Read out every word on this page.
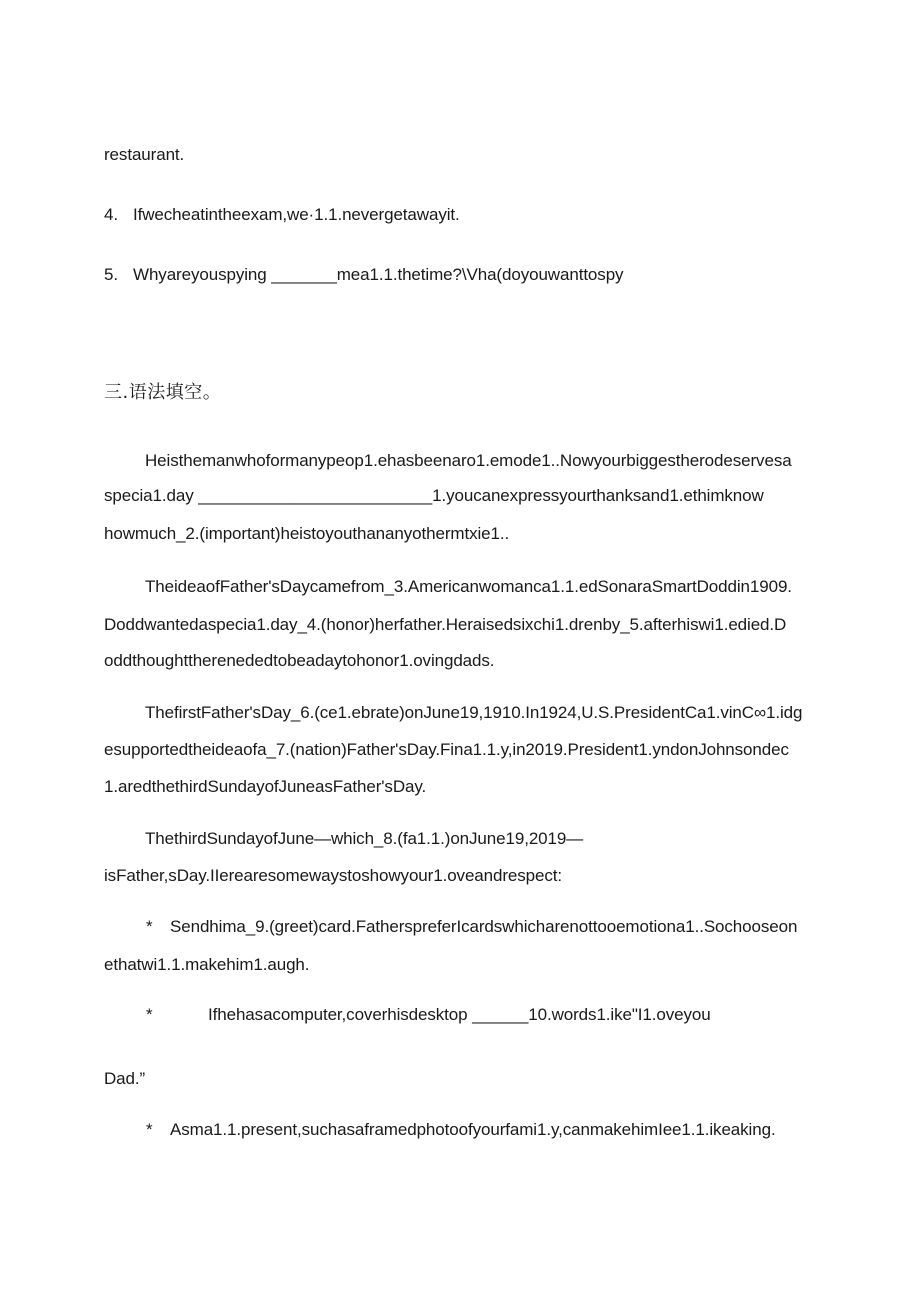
restaurant.
4. Ifwecheatintheexam,we·1.1.nevergetawayit.
5. Whyareyouspying _______mea1.1.thetime?\Vha(doyouwanttospy
三.语法填空。
Heisthemanwhoformanypeop1.ehasbeenaro1.emode1..Nowyourbiggestherodeservesa
specia1.day _________________________1.youcanexpressyourthanksand1.ethimknow
howmuch_2.(important)heistoyouthananyothermtxie1..
TheideaofFather'sDaycamefrom_3.Americanwomanca1.1.edSonaraSmartDoddin1909.
Doddwantedaspecia1.day_4.(honor)herfather.Heraisedsixchi1.drenby_5.afterhiswi1.edied.D
oddthoughttherenededtobeadaytohonor1.ovingdads.
ThefirstFather'sDay_6.(ce1.ebrate)onJune19,1910.In1924,U.S.PresidentCa1.vinC∞1.idg
esupportedtheideaofa_7.(nation)Father'sDay.Fina1.1.y,in2019.President1.yndonJohnsondec
1.aredthethirdSundayofJuneasFather'sDay.
ThethirdSundayofJune—which_8.(fa1.1.)onJune19,2019—
isFather,sDay.IIerearesomewaystoshowyour1.oveandrespect:
* Sendhima_9.(greet)card.FatherspreferIcardswhicharenottooemotiona1..Sochooseon
ethatwi1.1.makehim1.augh.
*	Ifhehasacomputer,coverhisdesktop ______10.words1.ike"I1.oveyou
Dad.”
* Asma1.1.present,suchasaframedphotoofyourfami1.y,canmakehimIee1.1.ikeaking.
